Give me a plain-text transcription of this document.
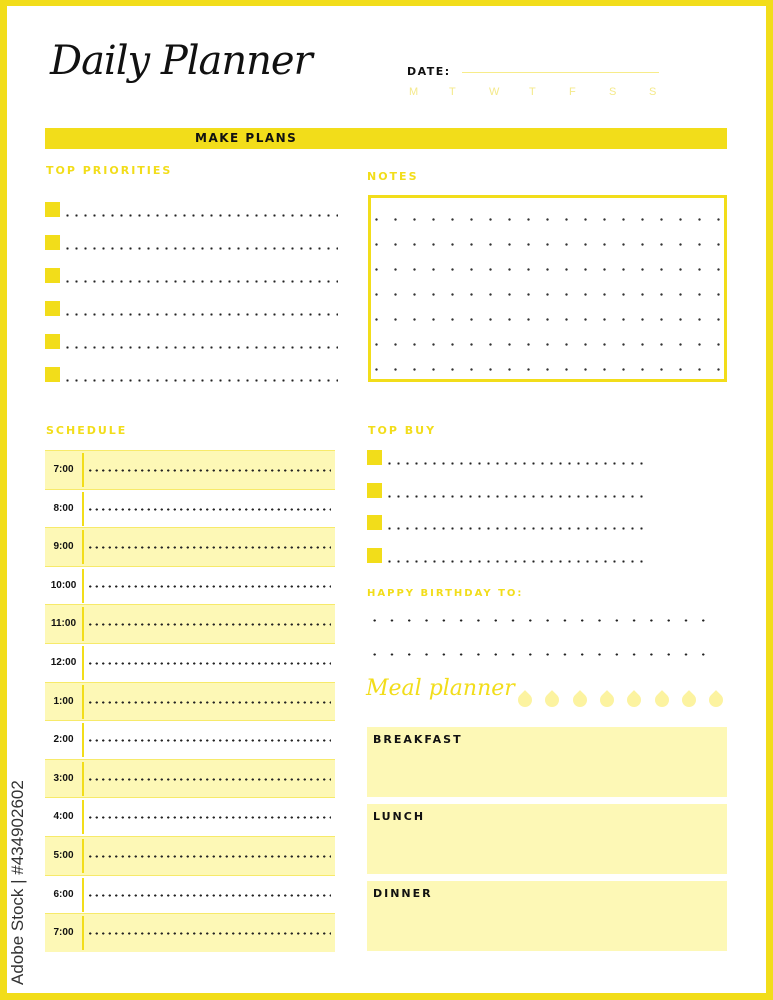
Daily Planner	DATE:
M	T	W	T	F	S	S
MAKE PLANS
TOP PRIORITIES	NOTES
SCHEDULE
7:00
8:00
9:00
10:00
11:00
12:00
1:00
2:00
3:00
4:00
5:00
6:00
7:00
TOP BUY
HAPPY BIRTHDAY TO:
Meal planner
BREAKFAST
LUNCH
DINNER
Adobe Stock | #434902602
